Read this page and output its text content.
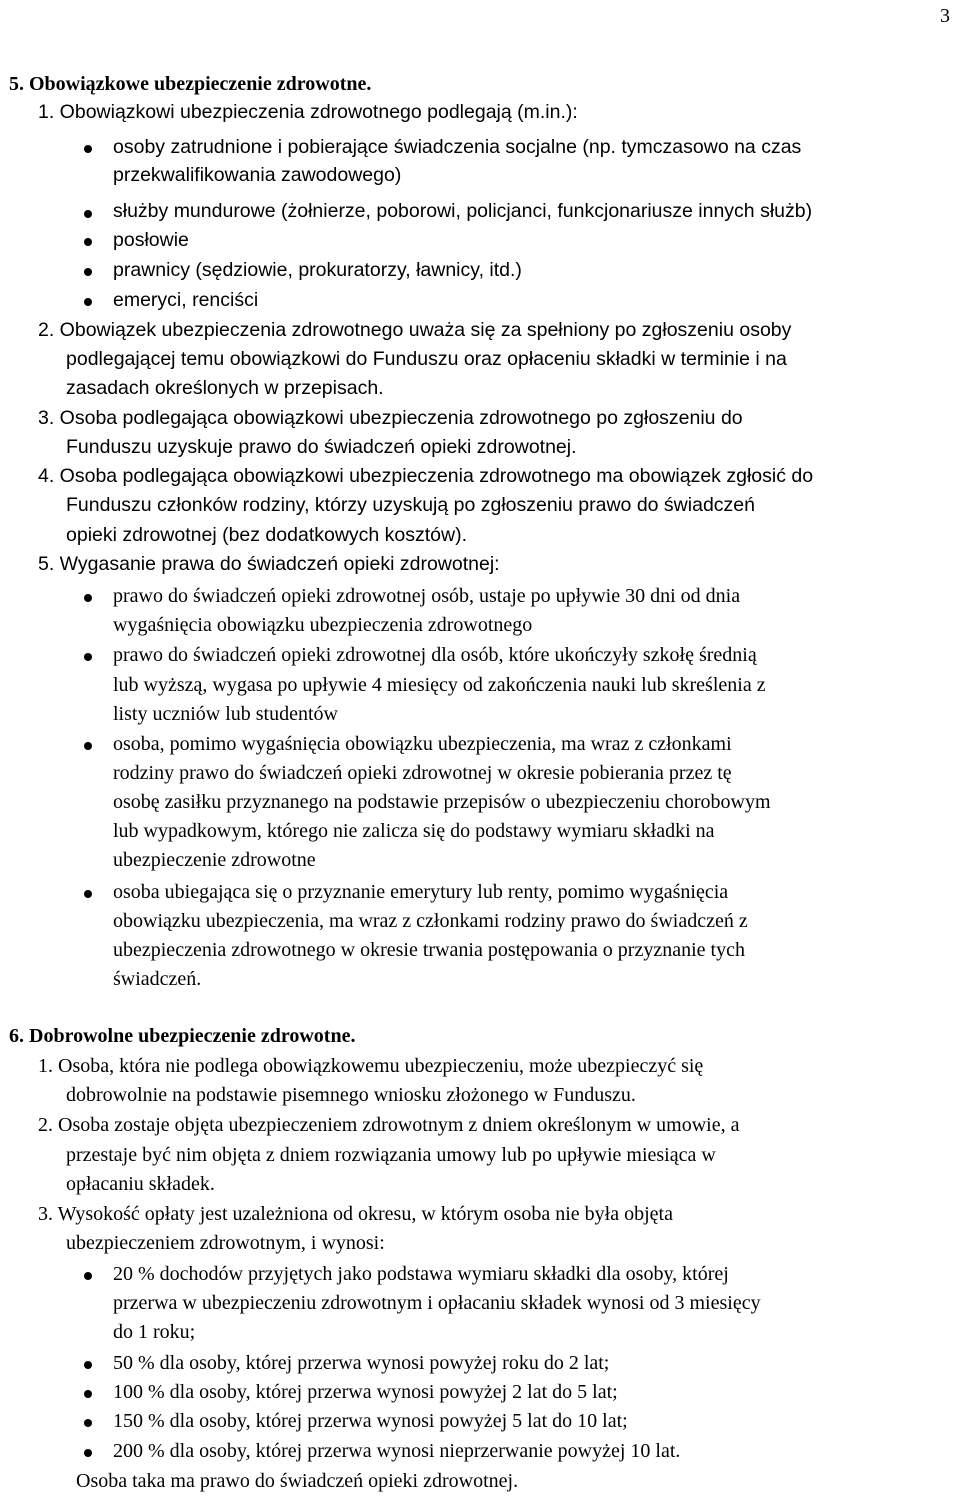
3
5. Obowiązkowe ubezpieczenie zdrowotne.
1. Obowiązkowi ubezpieczenia zdrowotnego podlegają (m.in.):
osoby zatrudnione i pobierające świadczenia socjalne (np. tymczasowo na czas
przekwalifikowania zawodowego)
służby mundurowe (żołnierze, poborowi, policjanci, funkcjonariusze innych służb)
posłowie
prawnicy (sędziowie, prokuratorzy, ławnicy, itd.)
emeryci, renciści
2. Obowiązek ubezpieczenia zdrowotnego uważa się za spełniony po zgłoszeniu osoby
podlegającej temu obowiązkowi do Funduszu oraz opłaceniu składki w terminie i na
zasadach określonych w przepisach.
3. Osoba podlegająca obowiązkowi ubezpieczenia zdrowotnego po zgłoszeniu do
Funduszu uzyskuje prawo do świadczeń opieki zdrowotnej.
4. Osoba podlegająca obowiązkowi ubezpieczenia zdrowotnego ma obowiązek zgłosić do
Funduszu członków rodziny, którzy uzyskują po zgłoszeniu prawo do świadczeń
opieki zdrowotnej (bez dodatkowych kosztów).
5. Wygasanie prawa do świadczeń opieki zdrowotnej:
prawo do świadczeń opieki zdrowotnej osób, ustaje po upływie 30 dni od dnia
wygaśnięcia obowiązku ubezpieczenia zdrowotnego
prawo do świadczeń opieki zdrowotnej dla osób, które ukończyły szkołę średnią
lub wyższą, wygasa po upływie 4 miesięcy od zakończenia nauki lub skreślenia z
listy uczniów lub studentów
osoba, pomimo wygaśnięcia obowiązku ubezpieczenia, ma wraz z członkami
rodziny prawo do świadczeń opieki zdrowotnej w okresie pobierania przez tę
osobę zasiłku przyznanego na podstawie przepisów o ubezpieczeniu chorobowym
lub wypadkowym, którego nie zalicza się do podstawy wymiaru składki na
ubezpieczenie zdrowotne
osoba ubiegająca się o przyznanie emerytury lub renty, pomimo wygaśnięcia
obowiązku ubezpieczenia, ma wraz z członkami rodziny prawo do świadczeń z
ubezpieczenia zdrowotnego w okresie trwania postępowania o przyznanie tych
świadczeń.
6. Dobrowolne ubezpieczenie zdrowotne.
1. Osoba, która nie podlega obowiązkowemu ubezpieczeniu, może ubezpieczyć się
dobrowolnie na podstawie pisemnego wniosku złożonego w Funduszu.
2. Osoba zostaje objęta ubezpieczeniem zdrowotnym z dniem określonym w umowie, a
przestaje być nim objęta z dniem rozwiązania umowy lub po upływie miesiąca w
opłacaniu składek.
3. Wysokość opłaty jest uzależniona od okresu, w którym osoba nie była objęta
ubezpieczeniem zdrowotnym, i wynosi:
20 % dochodów przyjętych jako podstawa wymiaru składki dla osoby, której
przerwa w ubezpieczeniu zdrowotnym i opłacaniu składek wynosi od 3 miesięcy
do 1 roku;
50 % dla osoby, której przerwa wynosi powyżej roku do 2 lat;
100 % dla osoby, której przerwa wynosi powyżej 2 lat do 5 lat;
150 % dla osoby, której przerwa wynosi powyżej 5 lat do 10 lat;
200 % dla osoby, której przerwa wynosi nieprzerwanie powyżej 10 lat.
Osoba taka ma prawo do świadczeń opieki zdrowotnej.
